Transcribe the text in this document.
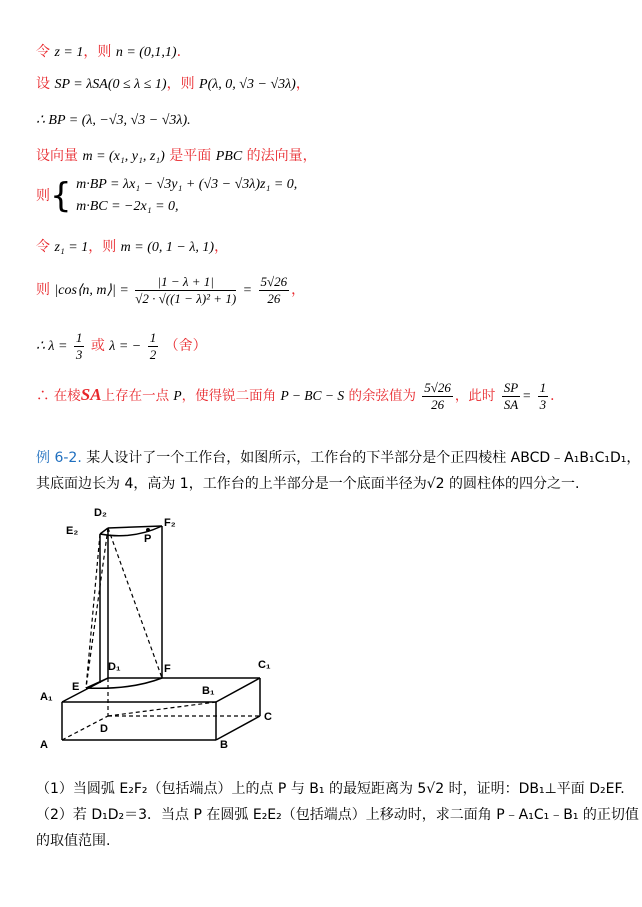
令 z = 1，则 n = (0,1,1).
设 SP = λSA(0 ≤ λ ≤ 1)，则 P(λ, 0, √3 − √3λ)，
∴ BP = (λ, −√3, √3 − √3λ).
设向量 m = (x₁, y₁, z₁) 是平面 PBC 的法向量，
则{ m·BP = λx₁ − √3y₁ + (√3 − √3λ)z₁ = 0,
m·BC = −2x₁ = 0,
令 z₁ = 1，则 m = (0, 1 − λ, 1)，
则 |cos⟨n, m⟩| = $\frac{|1 - \lambda + 1|}{\text{√2 · √((1 − λ)² + 1)}} = \frac{5√26}{26}$ ，
∴ $\lambda = \frac{1}{3}$ 或 λ = − $\frac{1}{2}$ （舍）
∴ 在棱SA上存在一点 P，使得锐二面角 P − BC − S 的余弦值为 $\frac{5√26}{26}$ ，此时 $\frac{SP}{SA} = \frac{1}{3}$ .
例 6-2. 某人设计了一个工作台，如图所示，工作台的下半部分是个正四棱柱 ABCD﹣A₁B₁C₁D₁，
其底面边长为 4，高为 1，工作台的上半部分是一个底面半径为√2 的圆柱体的四分之一.
D₂
F₂
E₂
P
D₁	F	C₁
E	B₁
A₁
D
C
A	B
（1）当圆弧 E₂F₂（包括端点）上的点 P 与 B₁ 的最短距离为 5√2 时，证明：DB₁⊥平面 D₂EF.
（2）若 D₁D₂＝3．当点 P 在圆弧 E₂E₂（包括端点）上移动时，求二面角 P﹣A₁C₁﹣B₁ 的正切值
的取值范围.
